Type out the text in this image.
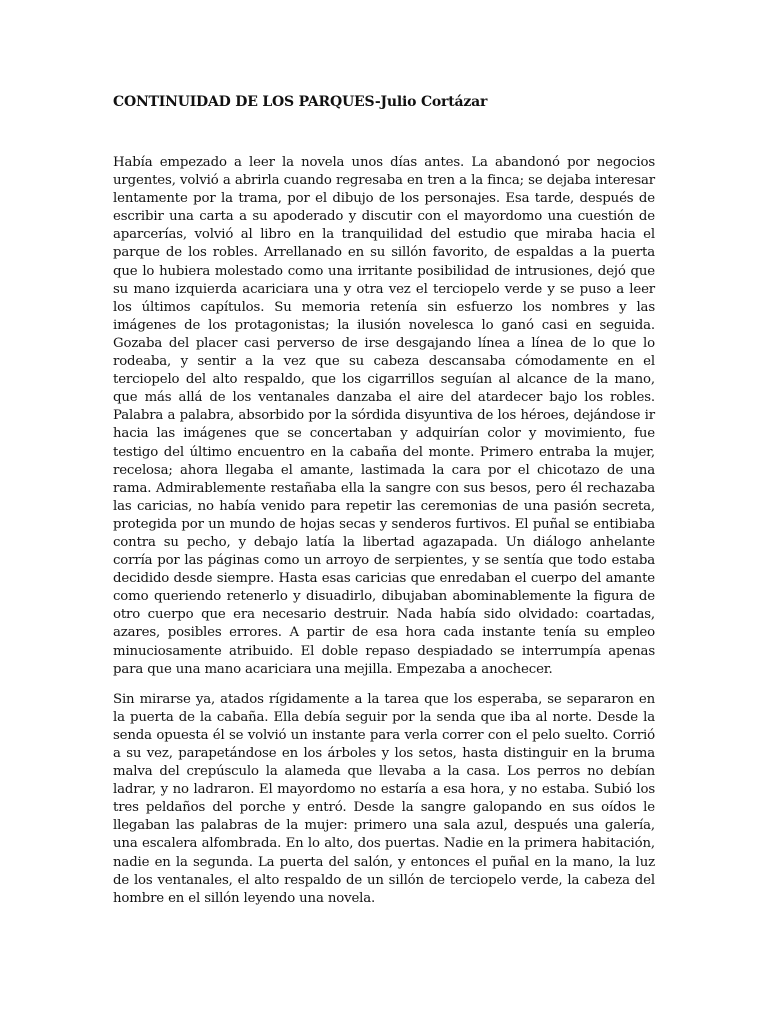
CONTINUIDAD DE LOS PARQUES-Julio Cortázar

Había empezado a leer la novela unos días antes. La abandonó por negocios urgentes, volvió a abrirla cuando regresaba en tren a la finca; se dejaba interesar lentamente por la trama, por el dibujo de los personajes. Esa tarde, después de escribir una carta a su apoderado y discutir con el mayordomo una cuestión de aparcerías, volvió al libro en la tranquilidad del estudio que miraba hacia el parque de los robles. Arrellanado en su sillón favorito, de espaldas a la puerta que lo hubiera molestado como una irritante posibilidad de intrusiones, dejó que su mano izquierda acariciara una y otra vez el terciopelo verde y se puso a leer los últimos capítulos. Su memoria retenía sin esfuerzo los nombres y las imágenes de los protagonistas; la ilusión novelesca lo ganó casi en seguida. Gozaba del placer casi perverso de irse desgajando línea a línea de lo que lo rodeaba, y sentir a la vez que su cabeza descansaba cómodamente en el terciopelo del alto respaldo, que los cigarrillos seguían al alcance de la mano, que más allá de los ventanales danzaba el aire del atardecer bajo los robles. Palabra a palabra, absorbido por la sórdida disyuntiva de los héroes, dejándose ir hacia las imágenes que se concertaban y adquirían color y movimiento, fue testigo del último encuentro en la cabaña del monte. Primero entraba la mujer, recelosa; ahora llegaba el amante, lastimada la cara por el chicotazo de una rama. Admirablemente restañaba ella la sangre con sus besos, pero él rechazaba las caricias, no había venido para repetir las ceremonias de una pasión secreta, protegida por un mundo de hojas secas y senderos furtivos. El puñal se entibiaba contra su pecho, y debajo latía la libertad agazapada. Un diálogo anhelante corría por las páginas como un arroyo de serpientes, y se sentía que todo estaba decidido desde siempre. Hasta esas caricias que enredaban el cuerpo del amante como queriendo retenerlo y disuadirlo, dibujaban abominablemente la figura de otro cuerpo que era necesario destruir. Nada había sido olvidado: coartadas, azares, posibles errores. A partir de esa hora cada instante tenía su empleo minuciosamente atribuido. El doble repaso despiadado se interrumpía apenas para que una mano acariciara una mejilla. Empezaba a anochecer.

Sin mirarse ya, atados rígidamente a la tarea que los esperaba, se separaron en la puerta de la cabaña. Ella debía seguir por la senda que iba al norte. Desde la senda opuesta él se volvió un instante para verla correr con el pelo suelto. Corrió a su vez, parapetándose en los árboles y los setos, hasta distinguir en la bruma malva del crepúsculo la alameda que llevaba a la casa. Los perros no debían ladrar, y no ladraron. El mayordomo no estaría a esa hora, y no estaba. Subió los tres peldaños del porche y entró. Desde la sangre galopando en sus oídos le llegaban las palabras de la mujer: primero una sala azul, después una galería, una escalera alfombrada. En lo alto, dos puertas. Nadie en la primera habitación, nadie en la segunda. La puerta del salón, y entonces el puñal en la mano, la luz de los ventanales, el alto respaldo de un sillón de terciopelo verde, la cabeza del hombre en el sillón leyendo una novela.
